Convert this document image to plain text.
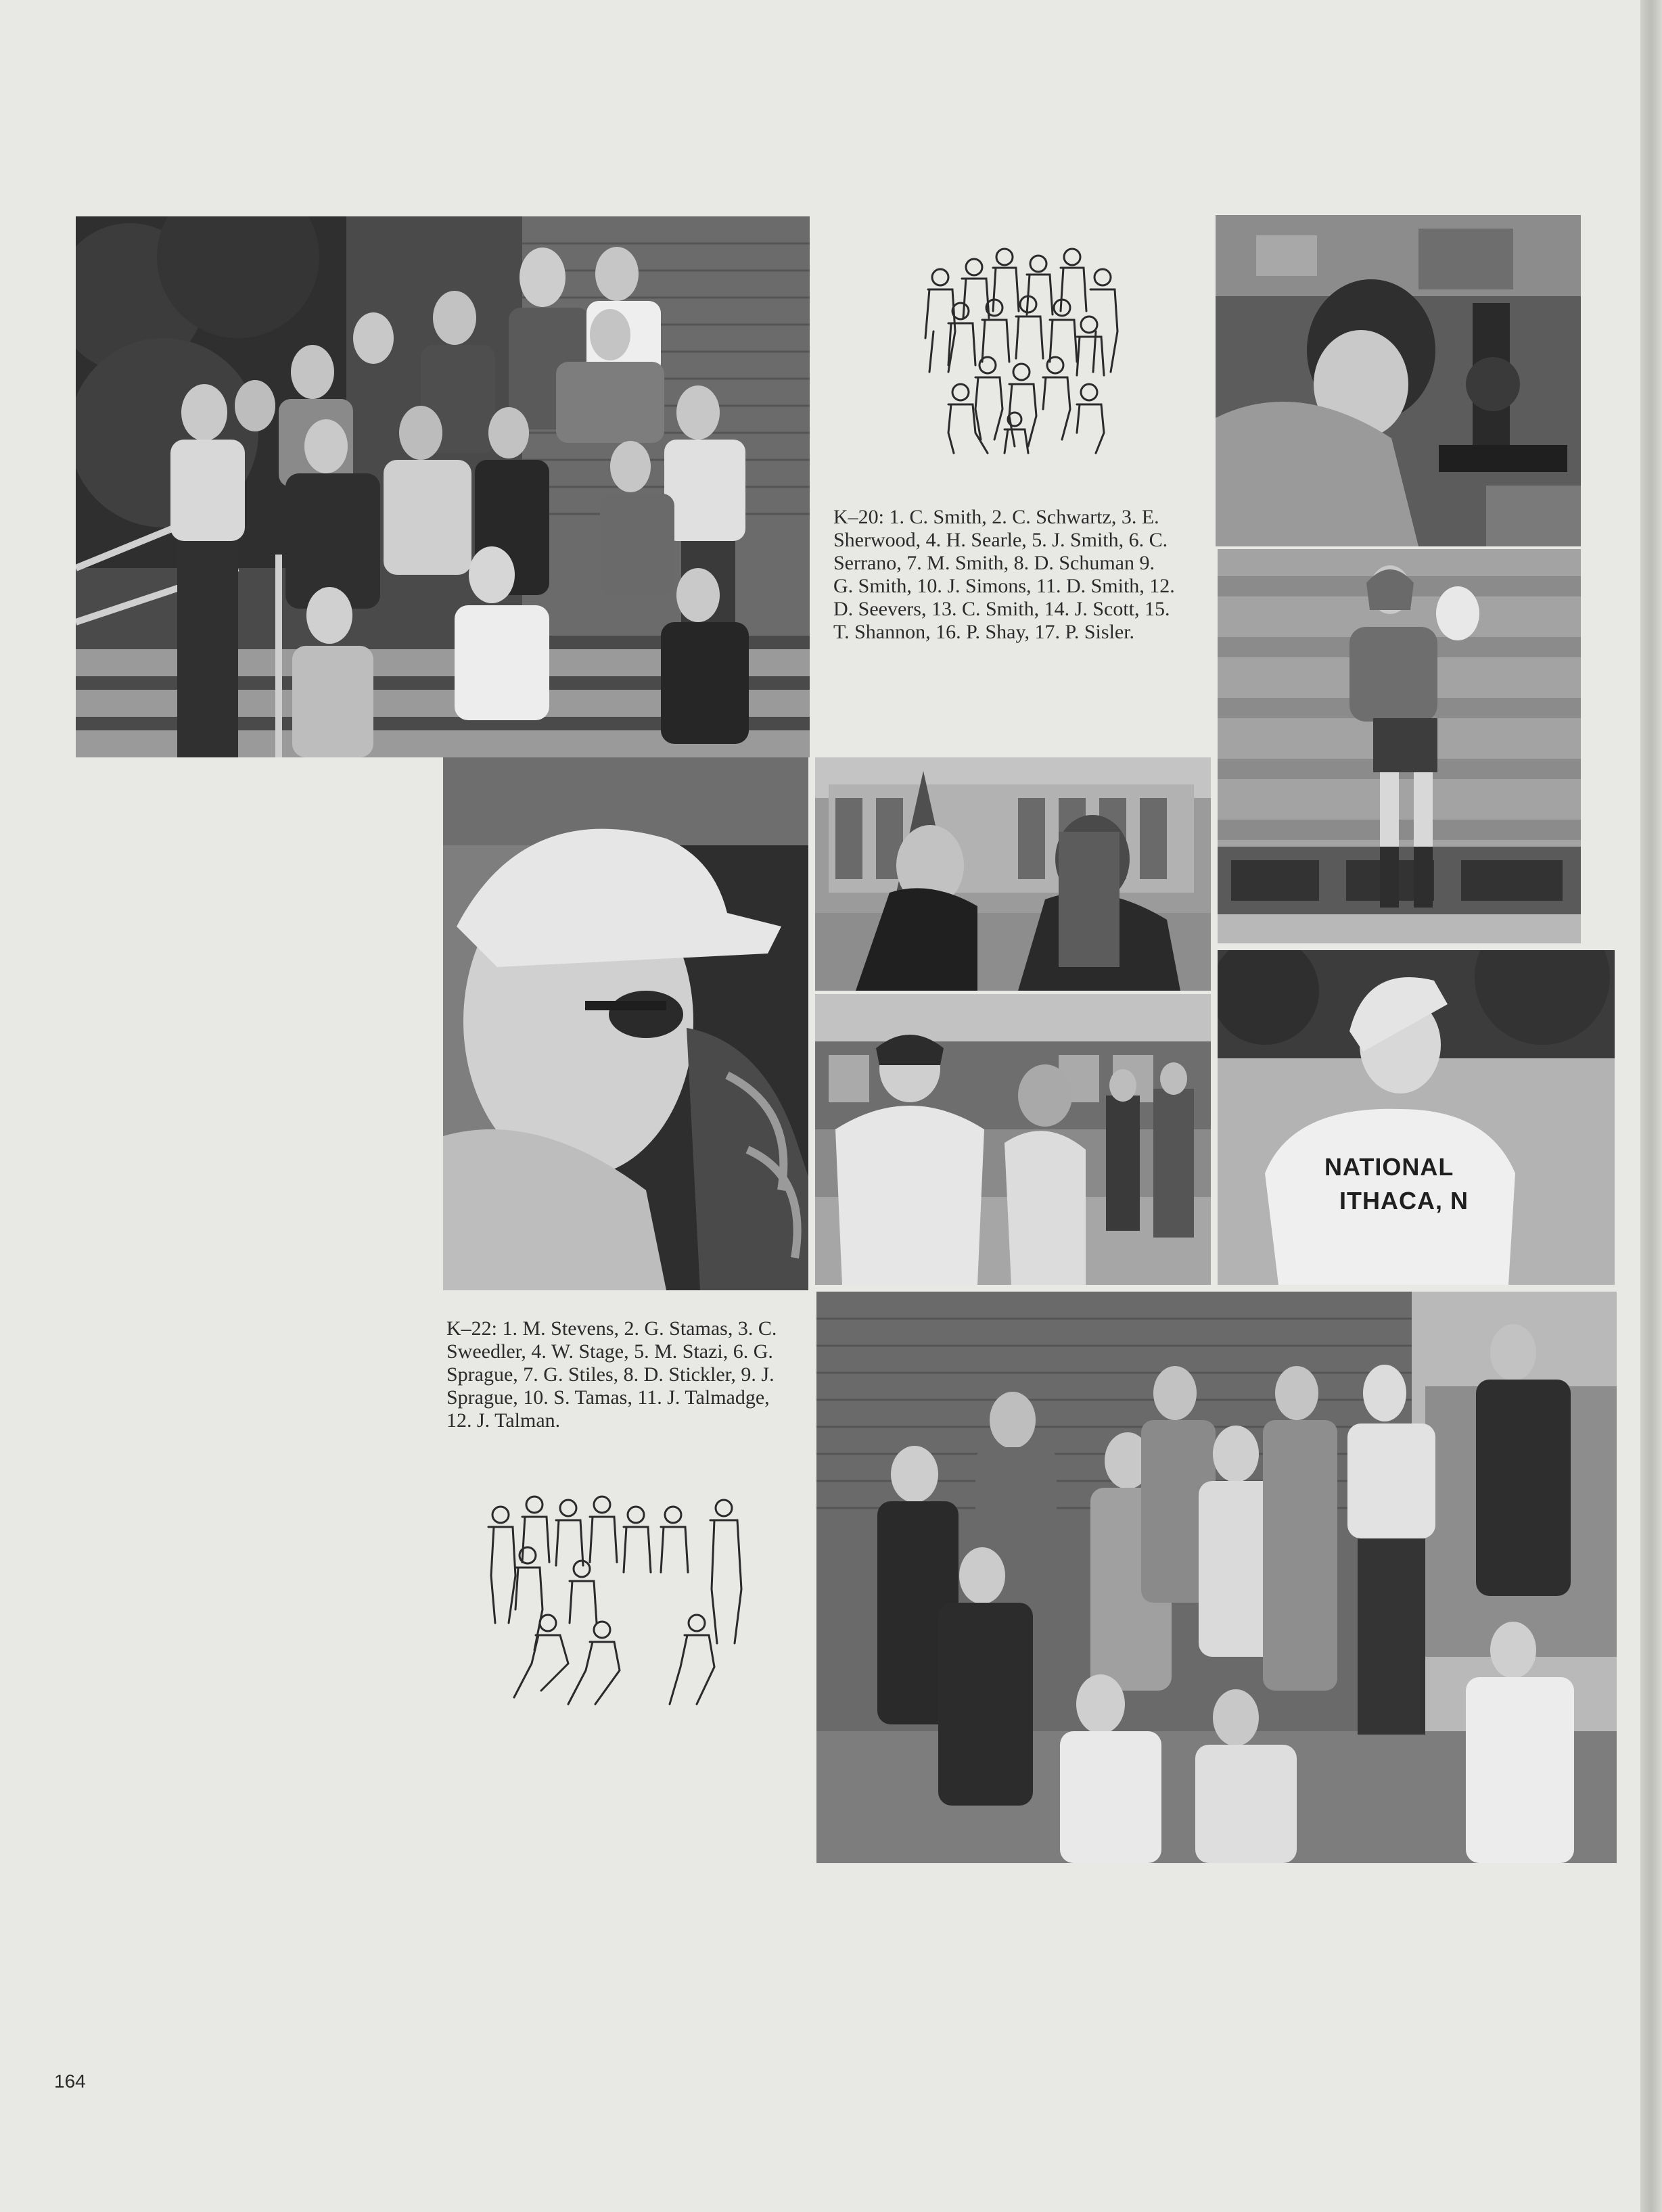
K–20: 1. C. Smith, 2. C. Schwartz, 3. E. Sherwood, 4. H. Searle, 5. J. Smith, 6. C. Serrano, 7. M. Smith, 8. D. Schuman 9. G. Smith, 10. J. Simons, 11. D. Smith, 12. D. Seevers, 13. C. Smith, 14. J. Scott, 15. T. Shannon, 16. P. Shay, 17. P. Sisler.

NATIONAL
ITHACA, N

K–22: 1. M. Stevens, 2. G. Stamas, 3. C. Sweedler, 4. W. Stage, 5. M. Stazi, 6. G. Sprague, 7. G. Stiles, 8. D. Stickler, 9. J. Sprague, 10. S. Tamas, 11. J. Talmadge, 12. J. Talman.

164
